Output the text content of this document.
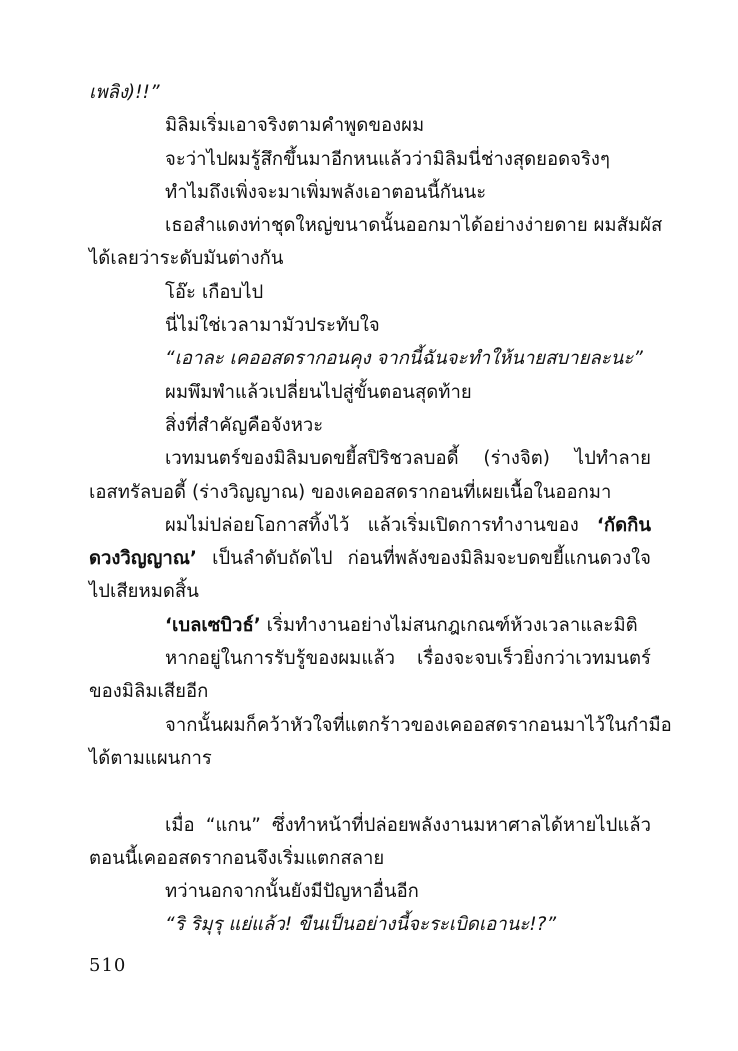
เพลิง)!!”
มิลิมเริ่มเอาจริงตามคำพูดของผม
จะว่าไปผมรู้สึกขึ้นมาอีกหนแล้วว่ามิลิมนี่ช่างสุดยอดจริงๆ
ทำไมถึงเพิ่งจะมาเพิ่มพลังเอาตอนนี้กันนะ
เธอสำแดงท่าชุดใหญ่ขนาดนั้นออกมาได้อย่างง่ายดาย ผมสัมผัส
ได้เลยว่าระดับมันต่างกัน
โอ๊ะ เกือบไป
นี่ไม่ใช่เวลามามัวประทับใจ
“เอาละ เคออสดรากอนคุง จากนี้ฉันจะทำให้นายสบายละนะ”
ผมพึมพำแล้วเปลี่ยนไปสู่ขั้นตอนสุดท้าย
สิ่งที่สำคัญคือจังหวะ
เวทมนตร์ของมิลิมบดขยี้สปิริชวลบอดี้ (ร่างจิต) ไปทำลาย
เอสทรัลบอดี้ (ร่างวิญญาณ) ของเคออสดรากอนที่เผยเนื้อในออกมา
ผมไม่ปล่อยโอกาสทิ้งไว้ แล้วเริ่มเปิดการทำงานของ ‘กัดกิน
ดวงวิญญาณ’ เป็นลำดับถัดไป ก่อนที่พลังของมิลิมจะบดขยี้แกนดวงใจ
ไปเสียหมดสิ้น
‘เบลเซบิวธ์’ เริ่มทำงานอย่างไม่สนกฎเกณฑ์ห้วงเวลาและมิติ
หากอยู่ในการรับรู้ของผมแล้ว เรื่องจะจบเร็วยิ่งกว่าเวทมนตร์
ของมิลิมเสียอีก
จากนั้นผมก็คว้าหัวใจที่แตกร้าวของเคออสดรากอนมาไว้ในกำมือ
ได้ตามแผนการ
เมื่อ “แกน” ซึ่งทำหน้าที่ปล่อยพลังงานมหาศาลได้หายไปแล้ว
ตอนนี้เคออสดรากอนจึงเริ่มแตกสลาย
ทว่านอกจากนั้นยังมีปัญหาอื่นอีก
“ริ ริมุรุ แย่แล้ว! ขืนเป็นอย่างนี้จะระเบิดเอานะ!?”
510
